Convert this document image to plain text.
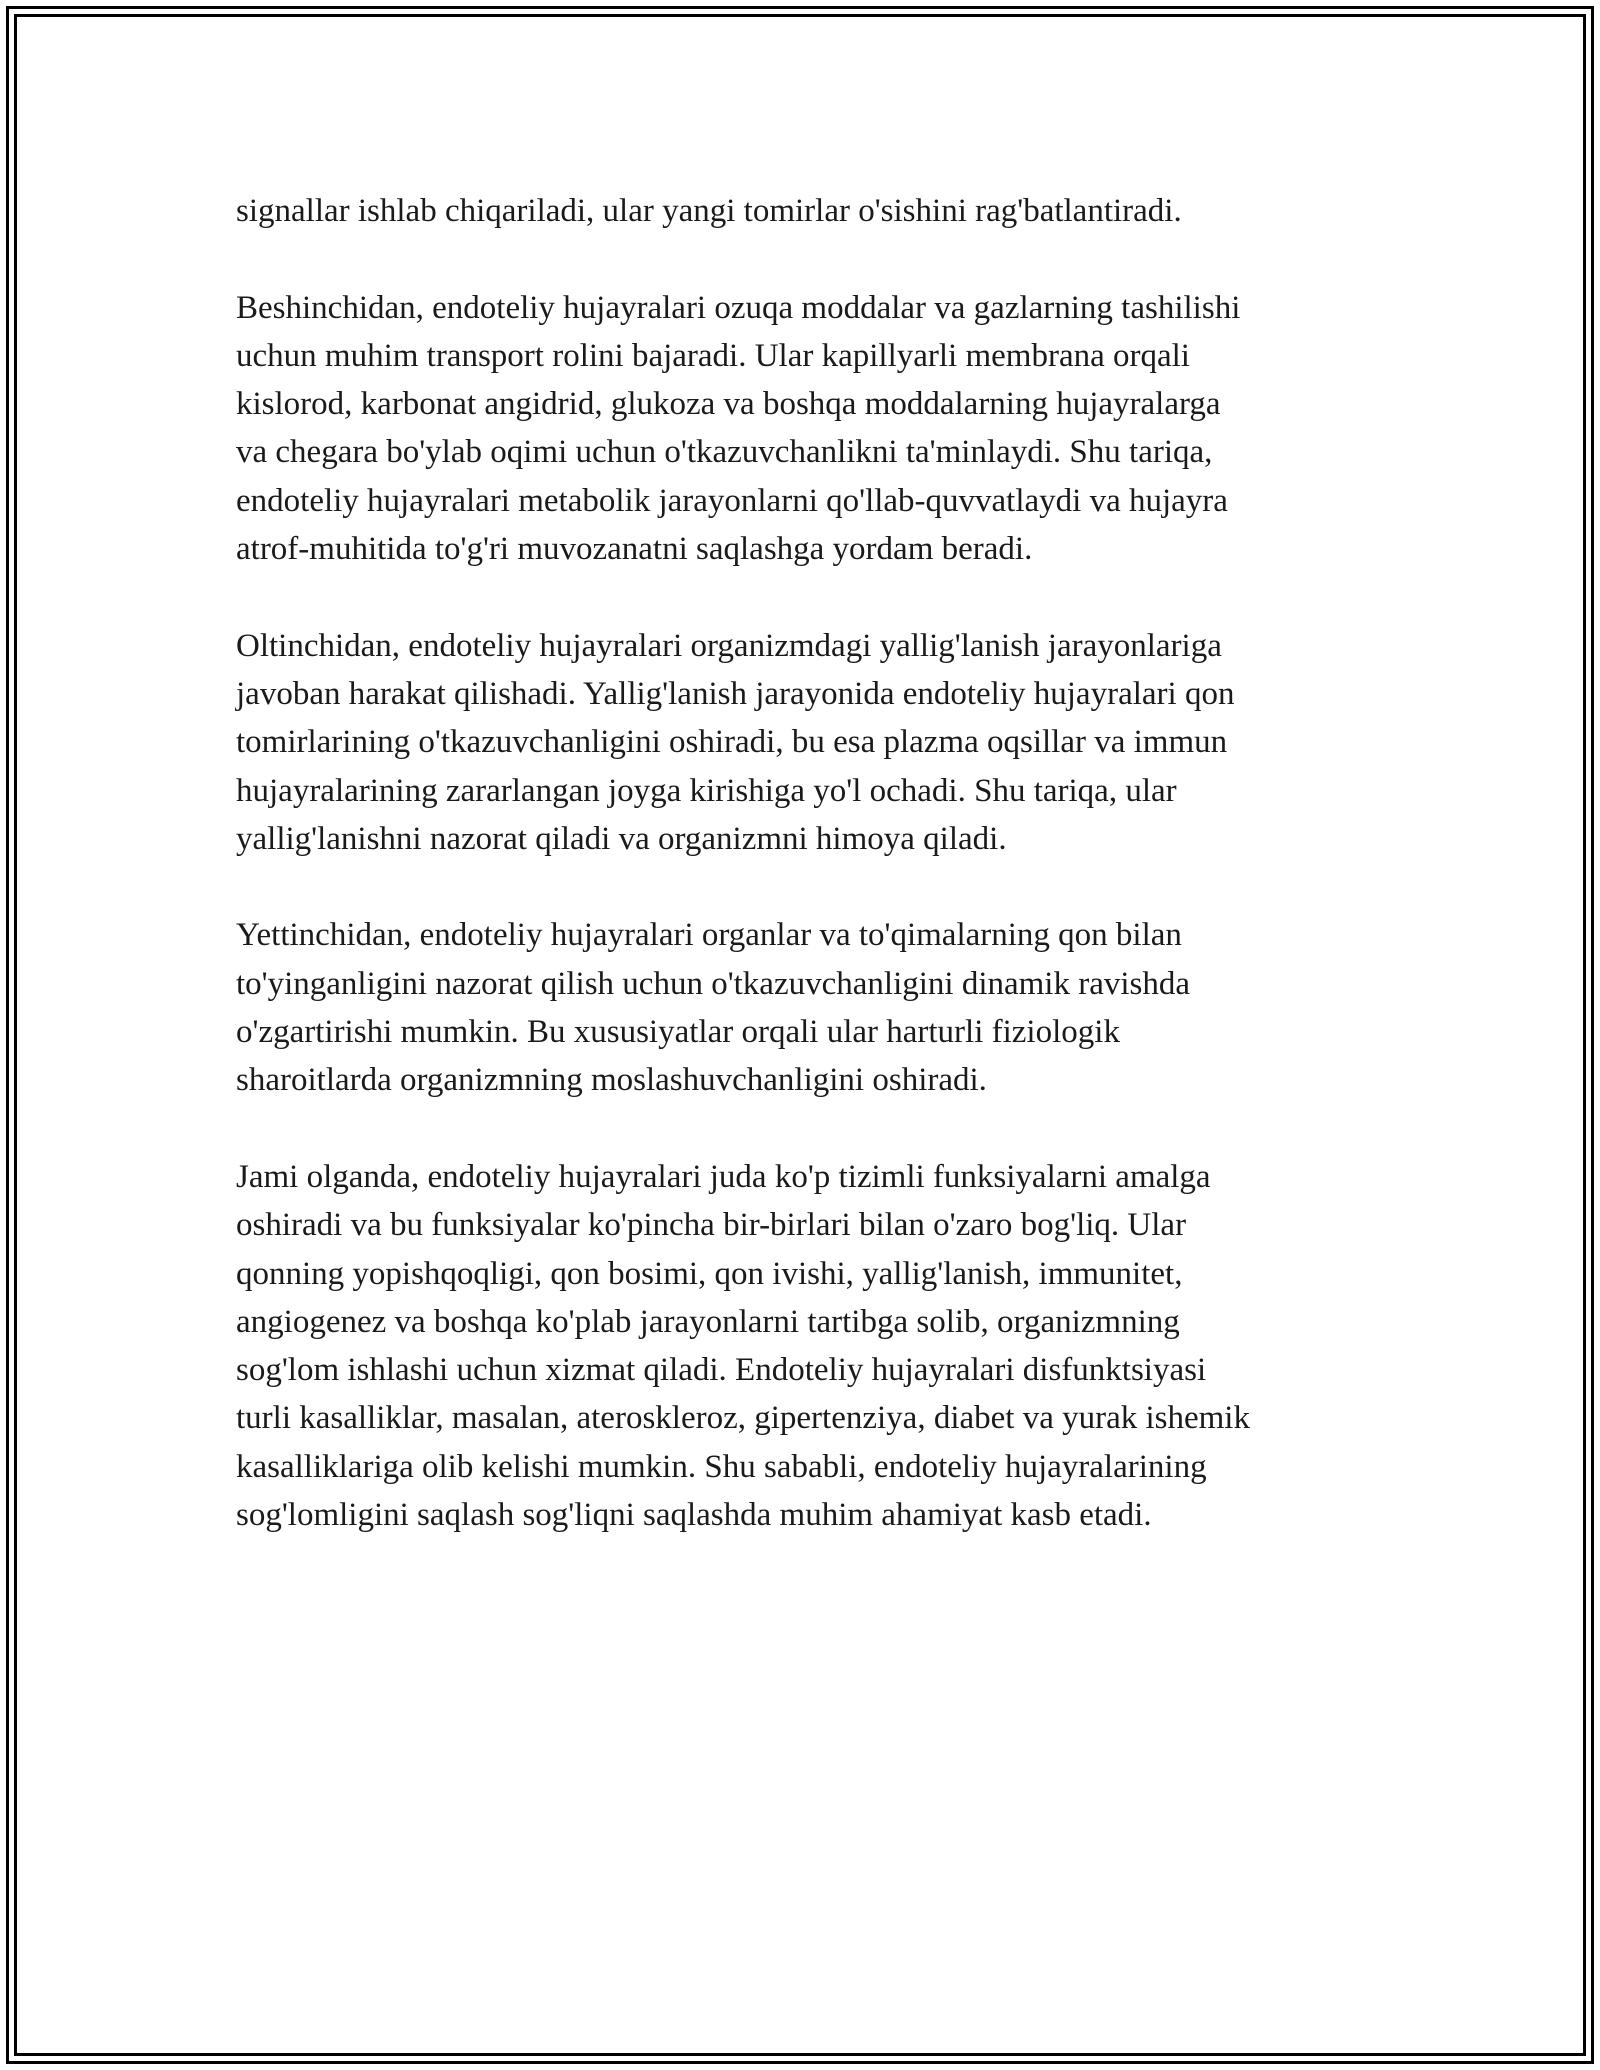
signallar ishlab chiqariladi, ular yangi tomirlar o'sishini rag'batlantiradi.

Beshinchidan, endoteliy hujayralari ozuqa moddalar va gazlarning tashilishi
uchun muhim transport rolini bajaradi. Ular kapillyarli membrana orqali
kislorod, karbonat angidrid, glukoza va boshqa moddalarning hujayralarga
va chegara bo'ylab oqimi uchun o'tkazuvchanlikni ta'minlaydi. Shu tariqa,
endoteliy hujayralari metabolik jarayonlarni qo'llab-quvvatlaydi va hujayra
atrof-muhitida to'g'ri muvozanatni saqlashga yordam beradi.

Oltinchidan, endoteliy hujayralari organizmdagi yallig'lanish jarayonlariga
javoban harakat qilishadi. Yallig'lanish jarayonida endoteliy hujayralari qon
tomirlarining o'tkazuvchanligini oshiradi, bu esa plazma oqsillar va immun
hujayralarining zararlangan joyga kirishiga yo'l ochadi. Shu tariqa, ular
yallig'lanishni nazorat qiladi va organizmni himoya qiladi.

Yettinchidan, endoteliy hujayralari organlar va to'qimalarning qon bilan
to'yinganligini nazorat qilish uchun o'tkazuvchanligini dinamik ravishda
o'zgartirishi mumkin. Bu xususiyatlar orqali ular harturli fiziologik
sharoitlarda organizmning moslashuvchanligini oshiradi.

Jami olganda, endoteliy hujayralari juda ko'p tizimli funksiyalarni amalga
oshiradi va bu funksiyalar ko'pincha bir-birlari bilan o'zaro bog'liq. Ular
qonning yopishqoqligi, qon bosimi, qon ivishi, yallig'lanish, immunitet,
angiogenez va boshqa ko'plab jarayonlarni tartibga solib, organizmning
sog'lom ishlashi uchun xizmat qiladi. Endoteliy hujayralari disfunktsiyasi
turli kasalliklar, masalan, ateroskleroz, gipertenziya, diabet va yurak ishemik
kasalliklariga olib kelishi mumkin. Shu sababli, endoteliy hujayralarining
sog'lomligini saqlash sog'liqni saqlashda muhim ahamiyat kasb etadi.
